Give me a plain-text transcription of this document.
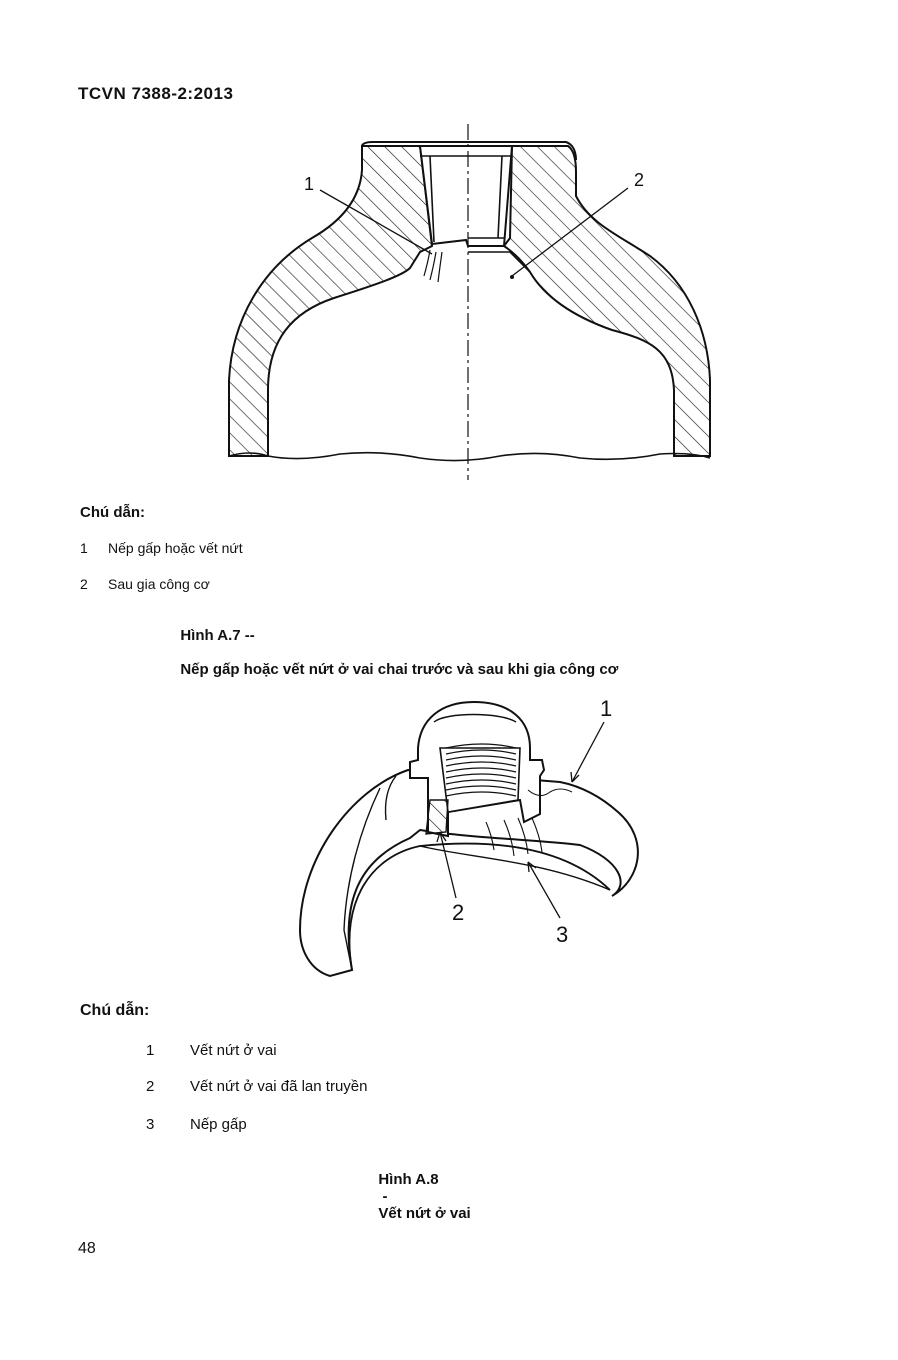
TCVN 7388-2:2013
1	2
Chú dẫn:
1	Nếp gấp hoặc vết nứt
2	Sau gia công cơ

Hình A.7 --

Nếp gấp hoặc vết nứt ở vai chai trước và sau khi gia công cơ

1
2
3
Chú dẫn:
1	Vết nứt ở vai
2	Vết nứt ở vai đã lan truyền
3	Nếp gấp

Hình A.8
-
Vết nứt ở vai

48
